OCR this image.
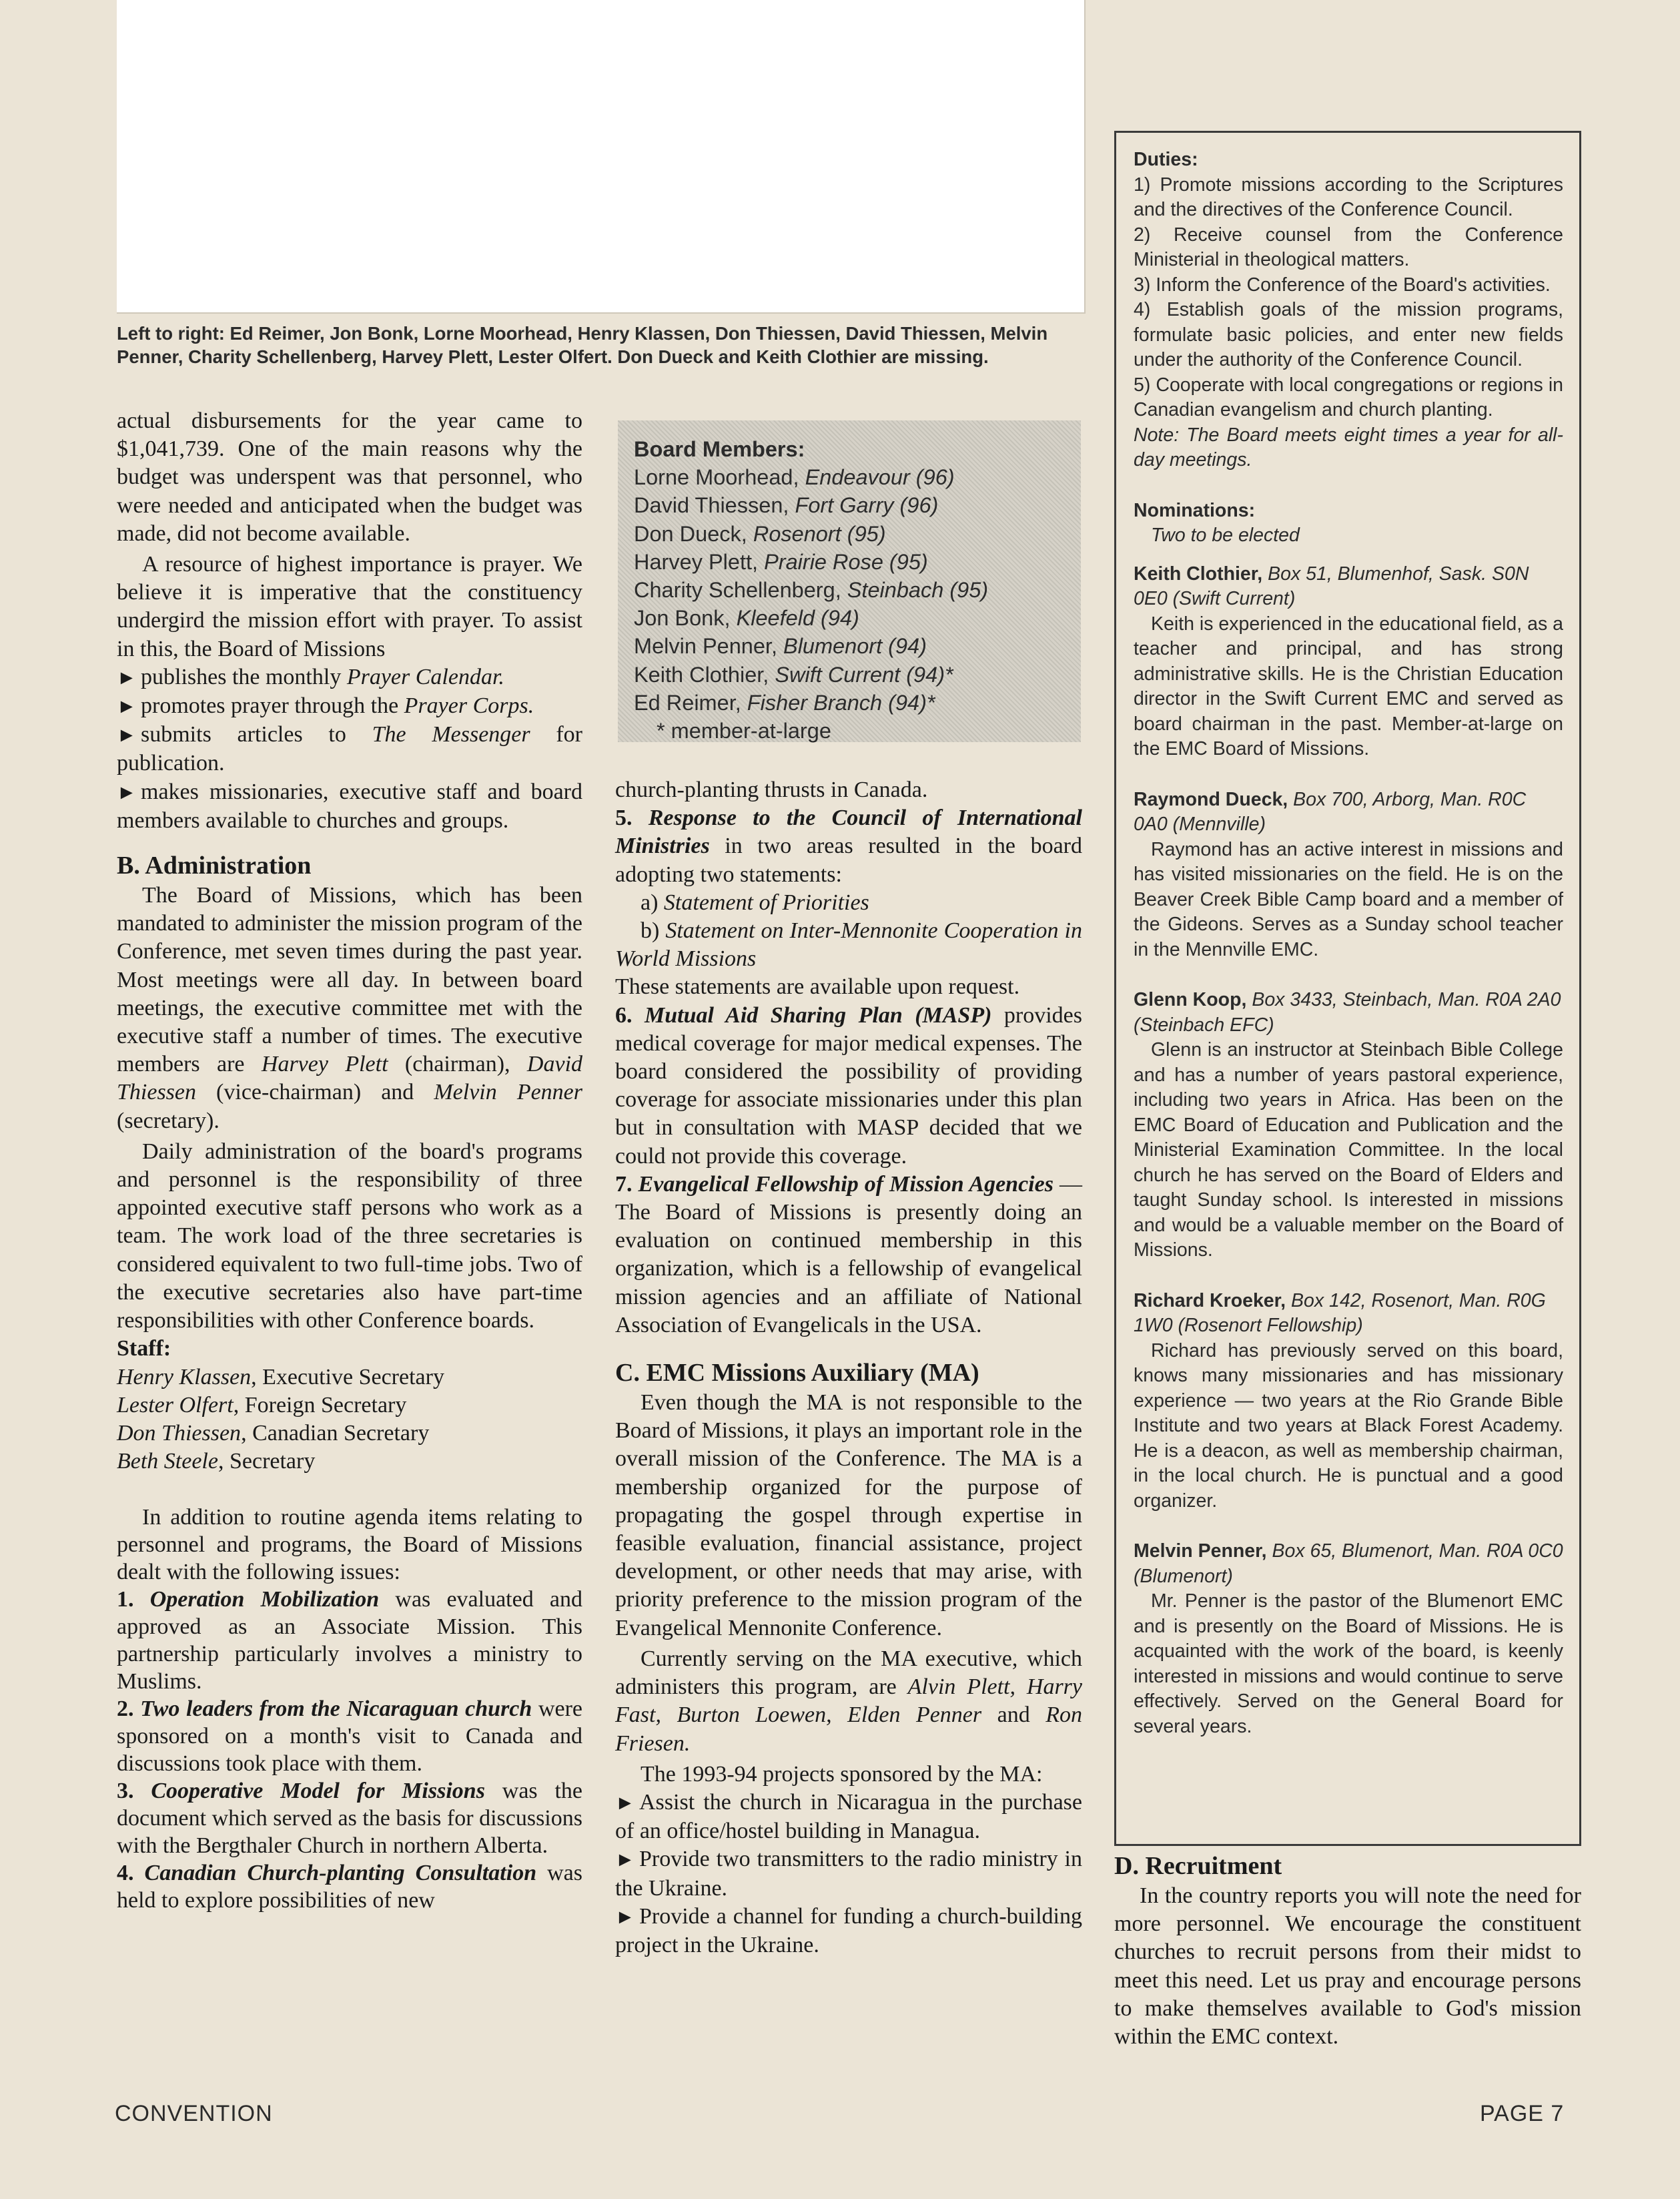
Left to right: Ed Reimer, Jon Bonk, Lorne Moorhead, Henry Klassen, Don Thiessen, David Thiessen, Melvin Penner, Charity Schellenberg, Harvey Plett, Lester Olfert. Don Dueck and Keith Clothier are missing.

actual disbursements for the year came to $1,041,739. One of the main reasons why the budget was underspent was that personnel, who were needed and anticipated when the budget was made, did not become available.

A resource of highest importance is prayer. We believe it is imperative that the constituency undergird the mission effort with prayer. To assist in this, the Board of Missions

► publishes the monthly Prayer Calendar.

► promotes prayer through the Prayer Corps.

► submits articles to The Messenger for publication.

► makes missionaries, executive staff and board members available to churches and groups.

B. Administration

The Board of Missions, which has been mandated to administer the mission program of the Conference, met seven times during the past year. Most meetings were all day. In between board meetings, the executive committee met with the executive staff a number of times. The executive members are Harvey Plett (chairman), David Thiessen (vice-chairman) and Melvin Penner (secretary).

Daily administration of the board's programs and personnel is the responsibility of three appointed executive staff persons who work as a team. The work load of the three secretaries is considered equivalent to two full-time jobs. Two of the executive secretaries also have part-time responsibilities with other Conference boards.

Staff:

Henry Klassen, Executive Secretary

Lester Olfert, Foreign Secretary

Don Thiessen, Canadian Secretary

Beth Steele, Secretary

In addition to routine agenda items relating to personnel and programs, the Board of Missions dealt with the following issues:

1. Operation Mobilization was evaluated and approved as an Associate Mission. This partnership particularly involves a ministry to Muslims.

2. Two leaders from the Nicaraguan church were sponsored on a month's visit to Canada and discussions took place with them.

3. Cooperative Model for Missions was the document which served as the basis for discussions with the Bergthaler Church in northern Alberta.

4. Canadian Church-planting Consultation was held to explore possibilities of new

Board Members:
Lorne Moorhead, Endeavour (96)
David Thiessen, Fort Garry (96)
Don Dueck, Rosenort (95)
Harvey Plett, Prairie Rose (95)
Charity Schellenberg, Steinbach (95)
Jon Bonk, Kleefeld (94)
Melvin Penner, Blumenort (94)
Keith Clothier, Swift Current (94)*
Ed Reimer, Fisher Branch (94)*
* member-at-large

church-planting thrusts in Canada.

5. Response to the Council of International Ministries in two areas resulted in the board adopting two statements:

a) Statement of Priorities

b) Statement on Inter-Mennonite Cooperation in World Missions

These statements are available upon request.

6. Mutual Aid Sharing Plan (MASP) provides medical coverage for major medical expenses. The board considered the possibility of providing coverage for associate missionaries under this plan but in consultation with MASP decided that we could not provide this coverage.

7. Evangelical Fellowship of Mission Agencies — The Board of Missions is presently doing an evaluation on continued membership in this organization, which is a fellowship of evangelical mission agencies and an affiliate of National Association of Evangelicals in the USA.

C. EMC Missions Auxiliary (MA)

Even though the MA is not responsible to the Board of Missions, it plays an important role in the overall mission of the Conference. The MA is a membership organized for the purpose of propagating the gospel through expertise in feasible evaluation, financial assistance, project development, or other needs that may arise, with priority preference to the mission program of the Evangelical Mennonite Conference.

Currently serving on the MA executive, which administers this program, are Alvin Plett, Harry Fast, Burton Loewen, Elden Penner and Ron Friesen.

The 1993-94 projects sponsored by the MA:

► Assist the church in Nicaragua in the purchase of an office/hostel building in Managua.

► Provide two transmitters to the radio ministry in the Ukraine.

► Provide a channel for funding a church-building project in the Ukraine.

Duties:

1) Promote missions according to the Scriptures and the directives of the Conference Council.

2) Receive counsel from the Conference Ministerial in theological matters.

3) Inform the Conference of the Board's activities.

4) Establish goals of the mission programs, formulate basic policies, and enter new fields under the authority of the Conference Council.

5) Cooperate with local congregations or regions in Canadian evangelism and church planting.

Note: The Board meets eight times a year for all-day meetings.

Nominations:

Two to be elected

Keith Clothier, Box 51, Blumenhof, Sask. S0N 0E0 (Swift Current)

Keith is experienced in the educational field, as a teacher and principal, and has strong administrative skills. He is the Christian Education director in the Swift Current EMC and served as board chairman in the past. Member-at-large on the EMC Board of Missions.

Raymond Dueck, Box 700, Arborg, Man. R0C 0A0 (Mennville)

Raymond has an active interest in missions and has visited missionaries on the field. He is on the Beaver Creek Bible Camp board and a member of the Gideons. Serves as a Sunday school teacher in the Mennville EMC.

Glenn Koop, Box 3433, Steinbach, Man. R0A 2A0 (Steinbach EFC)

Glenn is an instructor at Steinbach Bible College and has a number of years pastoral experience, including two years in Africa. Has been on the EMC Board of Education and Publication and the Ministerial Examination Committee. In the local church he has served on the Board of Elders and taught Sunday school. Is interested in missions and would be a valuable member on the Board of Missions.

Richard Kroeker, Box 142, Rosenort, Man. R0G 1W0 (Rosenort Fellowship)

Richard has previously served on this board, knows many missionaries and has missionary experience — two years at the Rio Grande Bible Institute and two years at Black Forest Academy. He is a deacon, as well as membership chairman, in the local church. He is punctual and a good organizer.

Melvin Penner, Box 65, Blumenort, Man. R0A 0C0 (Blumenort)

Mr. Penner is the pastor of the Blumenort EMC and is presently on the Board of Missions. He is acquainted with the work of the board, is keenly interested in missions and would continue to serve effectively. Served on the General Board for several years.

D. Recruitment

In the country reports you will note the need for more personnel. We encourage the constituent churches to recruit persons from their midst to meet this need. Let us pray and encourage persons to make themselves available to God's mission within the EMC context.

CONVENTION	PAGE 7
